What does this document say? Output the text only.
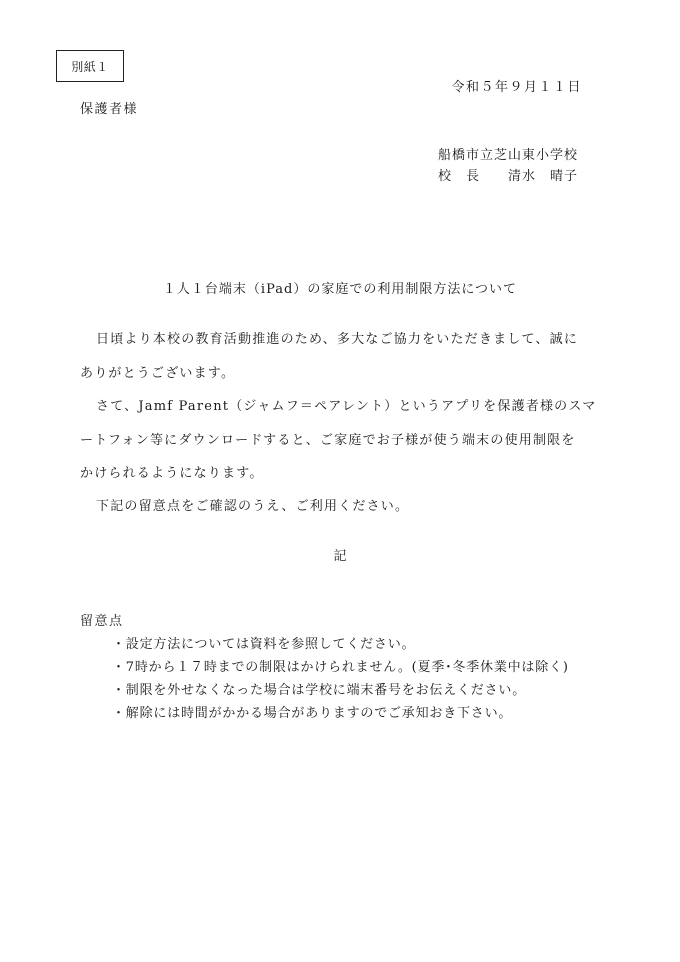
別紙１
令和５年９月１１日
保護者様
船橋市立芝山東小学校
校　長　　清水　晴子
１人１台端末（iPad）の家庭での利用制限方法について
日頃より本校の教育活動推進のため、多大なご協力をいただきまして、誠に
ありがとうございます。
さて、Jamf Parent（ジャムフ＝ペアレント）というアプリを保護者様のスマ
ートフォン等にダウンロードすると、ご家庭でお子様が使う端末の使用制限を
かけられるようになります。
下記の留意点をご確認のうえ、ご利用ください。
記
留意点
・設定方法については資料を参照してください。
・7時から１７時までの制限はかけられません。(夏季･冬季休業中は除く)
・制限を外せなくなった場合は学校に端末番号をお伝えください。
・解除には時間がかかる場合がありますのでご承知おき下さい。
